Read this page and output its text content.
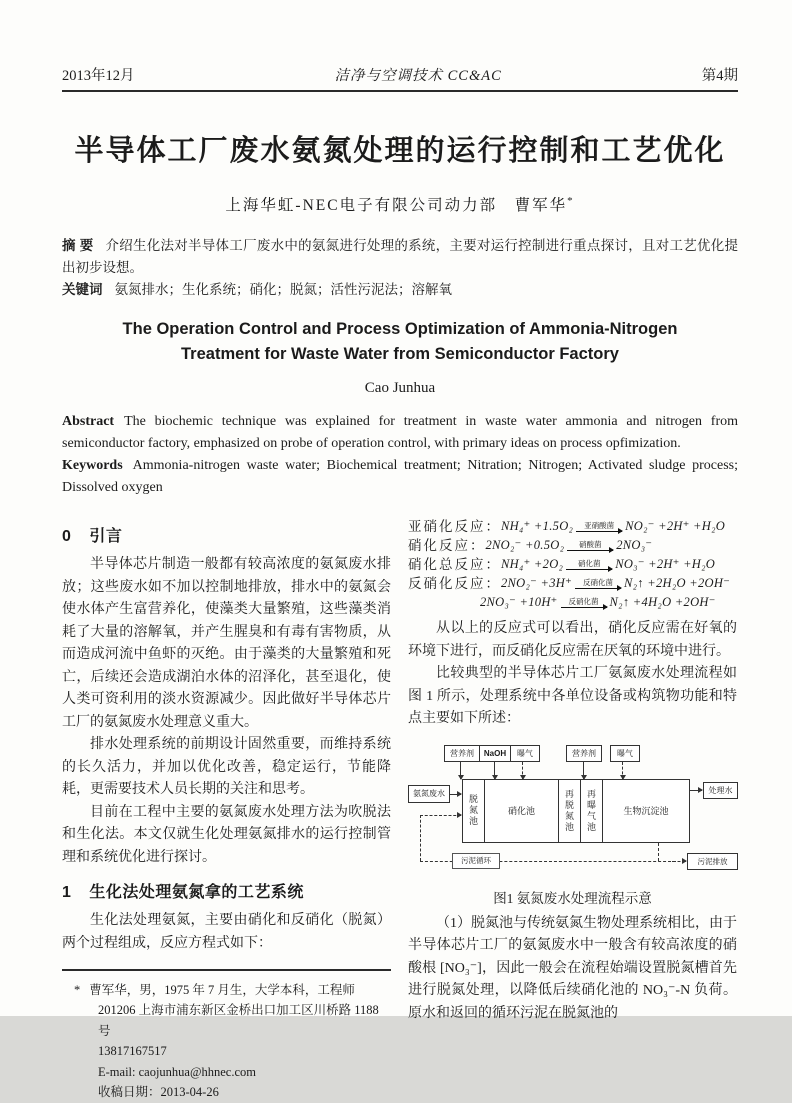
2013年12月	洁净与空调技术 CC&AC	第4期
半导体工厂废水氨氮处理的运行控制和工艺优化
上海华虹-NEC电子有限公司动力部　曹军华*

摘 要 介绍生化法对半导体工厂废水中的氨氮进行处理的系统，主要对运行控制进行重点探讨，且对工艺优化提出初步设想。

关键词 氨氮排水；生化系统；硝化；脱氮；活性污泥法；溶解氧

The Operation Control and Process Optimization of Ammonia-Nitrogen
Treatment for Waste Water from Semiconductor Factory
Cao Junhua

Abstract The biochemic technique was explained for treatment in waste water ammonia and nitrogen from semiconductor factory, emphasized on probe of operation control, with primary ideas on process opfimization.

Keywords Ammonia-nitrogen waste water; Biochemical treatment; Nitration; Nitrogen; Activated sludge process; Dissolved oxygen

0 引言

半导体芯片制造一般都有较高浓度的氨氮废水排放；这些废水如不加以控制地排放，排水中的氨氮会使水体产生富营养化，使藻类大量繁殖，这些藻类消耗了大量的溶解氧，并产生腥臭和有毒有害物质，从而造成河流中鱼虾的灭绝。由于藻类的大量繁殖和死亡，后续还会造成湖泊水体的沼泽化，甚至退化，使人类可资利用的淡水资源减少。因此做好半导体芯片工厂的氨氮废水处理意义重大。

排水处理系统的前期设计固然重要，而维持系统的长久活力，并加以优化改善，稳定运行，节能降耗，更需要技术人员长期的关注和思考。

目前在工程中主要的氨氮废水处理方法为吹脱法和生化法。本文仅就生化处理氨氮排水的运行控制管理和系统优化进行探讨。

1 生化法处理氨氮拿的工艺系统

生化法处理氨氮，主要由硝化和反硝化（脱氮）两个过程组成，反应方程式如下：

* 曹军华，男，1975 年 7 月生，大学本科，工程师
201206 上海市浦东新区金桥出口加工区川桥路 1188 号
13817167517
E-mail: caojunhua@hhnec.com
收稿日期：2013-04-26
亚硝化反应： NH₄⁺ +1.5O₂ 亚硝酸菌 NO₂⁻ +2H⁺ +H₂O
硝化反应： 2NO₂⁻ +0.5O₂ 硝酸菌 2NO₃⁻
硝化总反应： NH₄⁺ +2O₂ 硝化菌 NO₃⁻ +2H⁺ +H₂O
反硝化反应： 2NO₂⁻ +3H⁺ 反硝化菌 N₂↑ +2H₂O +2OH⁻
2NO₃⁻ +10H⁺ 反硝化菌 N₂↑ +4H₂O +2OH⁻

从以上的反应式可以看出，硝化反应需在好氧的环境下进行，而反硝化反应需在厌氧的环境中进行。

比较典型的半导体芯片工厂氨氮废水处理流程如图 1 所示，处理系统中各单位设备或构筑物功能和特点主要如下所述：

营养剂	NaOH	曝气	营养剂	曝气
氨氮废水
脱氮池	硝化池	再脱氮池 再曝气池	生物沉淀池
处理水
污泥循环	污泥排放
图1 氨氮废水处理流程示意

（1）脱氮池与传统氨氮生物处理系统相比，由于半导体芯片工厂的氨氮废水中一般含有较高浓度的硝酸根 [NO₃⁻]，因此一般会在流程始端设置脱氮槽首先进行脱氮处理，以降低后续硝化池的 NO₃⁻-N 负荷。原水和返回的循环污泥在脱氮池的
